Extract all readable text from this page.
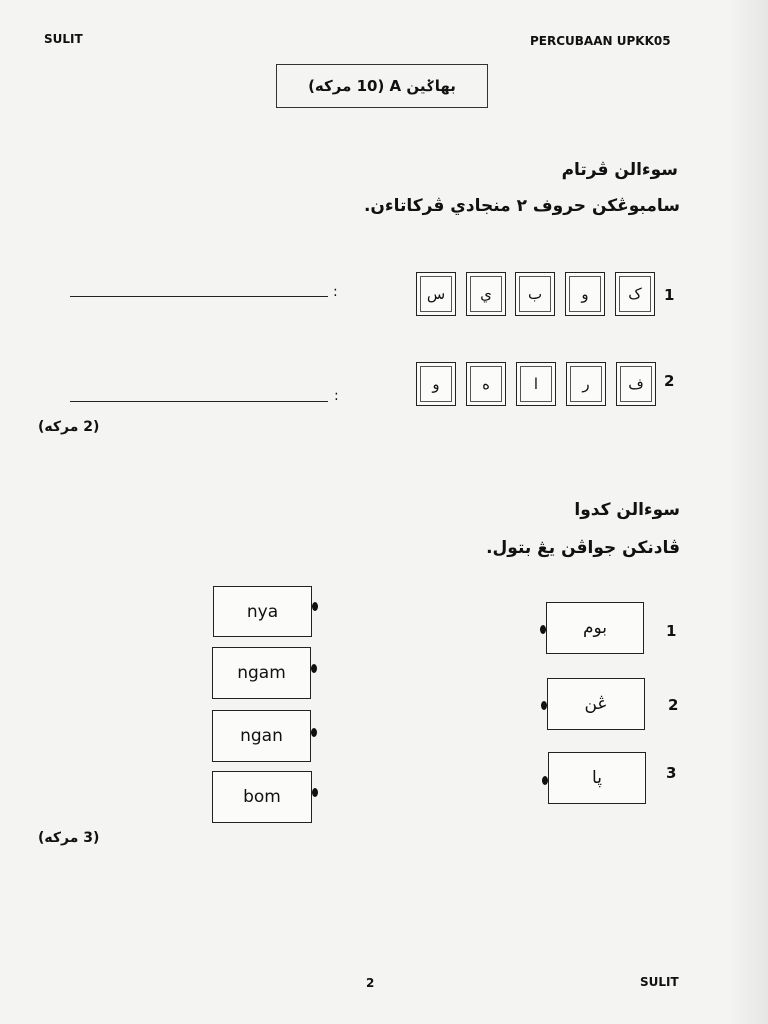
SULIT	PERCUBAAN UPKK05
بهاݢين A (10 مرکه)
سوءالن ڤرتام
سامبوڠکن حروف ٢ منجادي ڤرکاتاءن.
1
ک
و
ب
ي
س
:
2
ف
ر
ا
ه
و
:
(2 مرکه)
سوءالن کدوا
ڤادنکن جواڤن يڠ بتول.
بوم	1
ڠن	2
ڽا	3
nya
ngam
ngan
bom
(3 مرکه)
2	SULIT
